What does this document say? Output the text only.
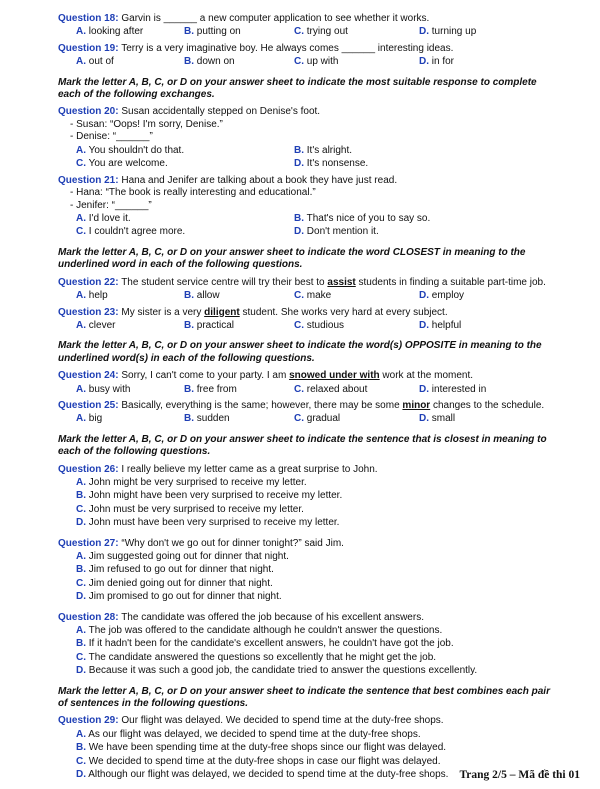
Question 18: Garvin is ______ a new computer application to see whether it works.
A. looking after	B. putting on	C. trying out	D. turning up
Question 19: Terry is a very imaginative boy. He always comes ______ interesting ideas.
A. out of	B. down on	C. up with	D. in for
Mark the letter A, B, C, or D on your answer sheet to indicate the most suitable response to complete each of the following exchanges.
Question 20: Susan accidentally stepped on Denise's foot.
- Susan: “Oops! I'm sorry, Denise.”
- Denise: “______”
A. You shouldn't do that.	B. It's alright.
C. You are welcome.	D. It's nonsense.
Question 21: Hana and Jenifer are talking about a book they have just read.
- Hana: “The book is really interesting and educational.”
- Jenifer: “______”
A. I'd love it.	B. That's nice of you to say so.
C. I couldn't agree more.	D. Don't mention it.
Mark the letter A, B, C, or D on your answer sheet to indicate the word CLOSEST in meaning to the underlined word in each of the following questions.
Question 22: The student service centre will try their best to assist students in finding a suitable part-time job.
A. help	B. allow	C. make	D. employ
Question 23: My sister is a very diligent student. She works very hard at every subject.
A. clever	B. practical	C. studious	D. helpful
Mark the letter A, B, C, or D on your answer sheet to indicate the word(s) OPPOSITE in meaning to the underlined word(s) in each of the following questions.
Question 24: Sorry, I can't come to your party. I am snowed under with work at the moment.
A. busy with	B. free from	C. relaxed about	D. interested in
Question 25: Basically, everything is the same; however, there may be some minor changes to the schedule.
A. big	B. sudden	C. gradual	D. small
Mark the letter A, B, C, or D on your answer sheet to indicate the sentence that is closest in meaning to each of the following questions.
Question 26: I really believe my letter came as a great surprise to John.
A. John might be very surprised to receive my letter.
B. John might have been very surprised to receive my letter.
C. John must be very surprised to receive my letter.
D. John must have been very surprised to receive my letter.
Question 27: “Why don't we go out for dinner tonight?” said Jim.
A. Jim suggested going out for dinner that night.
B. Jim refused to go out for dinner that night.
C. Jim denied going out for dinner that night.
D. Jim promised to go out for dinner that night.
Question 28: The candidate was offered the job because of his excellent answers.
A. The job was offered to the candidate although he couldn't answer the questions.
B. If it hadn't been for the candidate's excellent answers, he couldn't have got the job.
C. The candidate answered the questions so excellently that he might get the job.
D. Because it was such a good job, the candidate tried to answer the questions excellently.
Mark the letter A, B, C, or D on your answer sheet to indicate the sentence that best combines each pair of sentences in the following questions.
Question 29: Our flight was delayed. We decided to spend time at the duty-free shops.
A. As our flight was delayed, we decided to spend time at the duty-free shops.
B. We have been spending time at the duty-free shops since our flight was delayed.
C. We decided to spend time at the duty-free shops in case our flight was delayed.
D. Although our flight was delayed, we decided to spend time at the duty-free shops. Trang 2/5 – Mã đề thi 01
